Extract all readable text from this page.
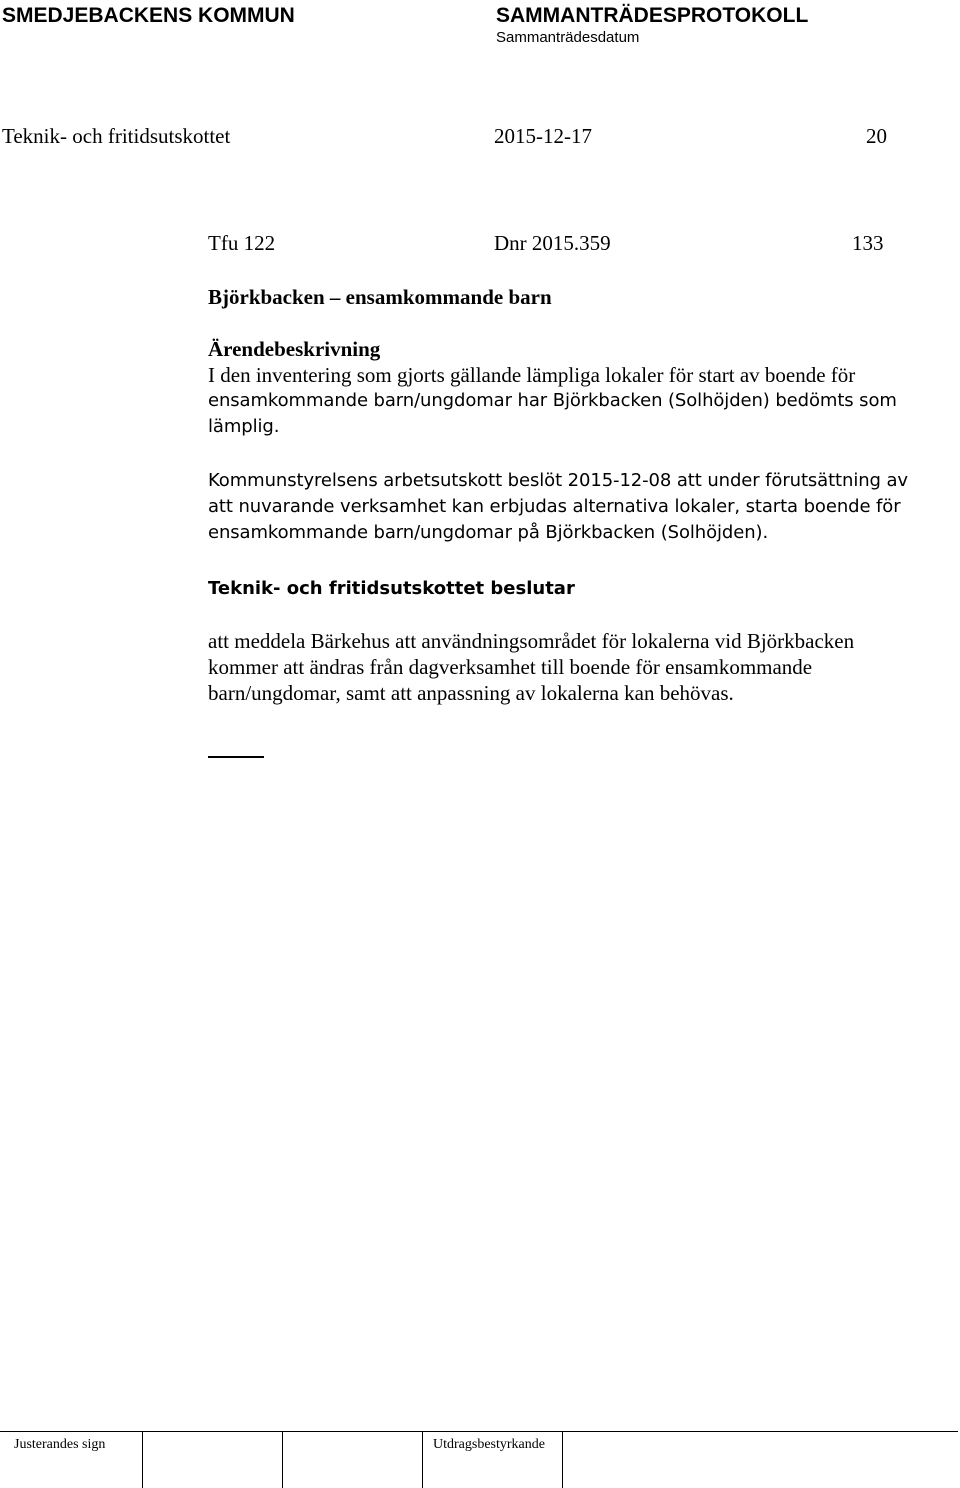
SMEDJEBACKENS KOMMUN	SAMMANTRÄDESPROTOKOLL

Sammanträdesdatum

Teknik- och fritidsutskottet	2015-12-17	20

Tfu 122	Dnr 2015.359	133

Björkbacken – ensamkommande barn

Ärendebeskrivning

I den inventering som gjorts gällande lämpliga lokaler för start av boende för
ensamkommande barn/ungdomar har Björkbacken (Solhöjden) bedömts som
lämplig.
Kommunstyrelsens arbetsutskott beslöt 2015-12-08 att under förutsättning av
att nuvarande verksamhet kan erbjudas alternativa lokaler, starta boende för
ensamkommande barn/ungdomar på Björkbacken (Solhöjden).

Teknik- och fritidsutskottet beslutar

att meddela Bärkehus att användningsområdet för lokalerna vid Björkbacken
kommer att ändras från dagverksamhet till boende för ensamkommande
barn/ungdomar, samt att anpassning av lokalerna kan behövas.

Justerandes sign	Utdragsbestyrkande
